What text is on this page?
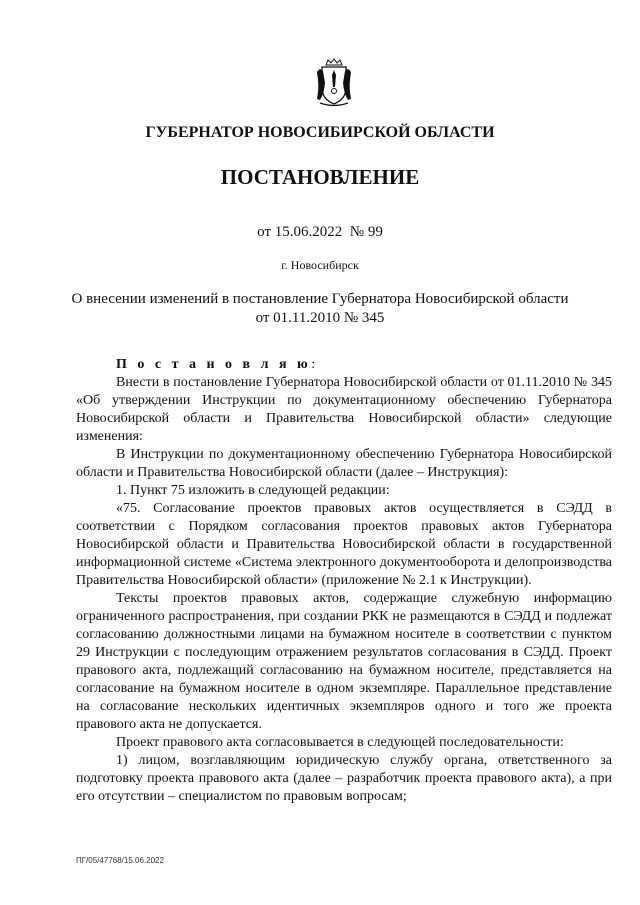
ГУБЕРНАТОР НОВОСИБИРСКОЙ ОБЛАСТИ

ПОСТАНОВЛЕНИЕ

от 15.06.2022  № 99

г. Новосибирск

О внесении изменений в постановление Губернатора Новосибирской области
от 01.11.2010 № 345

П о с т а н о в л я ю:

Внести в постановление Губернатора Новосибирской области от 01.11.2010 № 345 «Об утверждении Инструкции по документационному обеспечению Губернатора Новосибирской области и Правительства Новосибирской области» следующие изменения:

В Инструкции по документационному обеспечению Губернатора Новосибирской области и Правительства Новосибирской области (далее – Инструкция):

1. Пункт 75 изложить в следующей редакции:

«75. Согласование проектов правовых актов осуществляется в СЭДД в соответствии с Порядком согласования проектов правовых актов Губернатора Новосибирской области и Правительства Новосибирской области в государственной информационной системе «Система электронного документооборота и делопроизводства Правительства Новосибирской области» (приложение № 2.1 к Инструкции).

Тексты проектов правовых актов, содержащие служебную информацию ограниченного распространения, при создании РКК не размещаются в СЭДД и подлежат согласованию должностными лицами на бумажном носителе в соответствии с пунктом 29 Инструкции с последующим отражением результатов согласования в СЭДД. Проект правового акта, подлежащий согласованию на бумажном носителе, представляется на согласование на бумажном носителе в одном экземпляре. Параллельное представление на согласование нескольких идентичных экземпляров одного и того же проекта правового акта не допускается.

Проект правового акта согласовывается в следующей последовательности:

1) лицом, возглавляющим юридическую службу органа, ответственного за подготовку проекта правового акта (далее – разработчик проекта правового акта), а при его отсутствии – специалистом по правовым вопросам;

ПГ/05/47768/15.06.2022
